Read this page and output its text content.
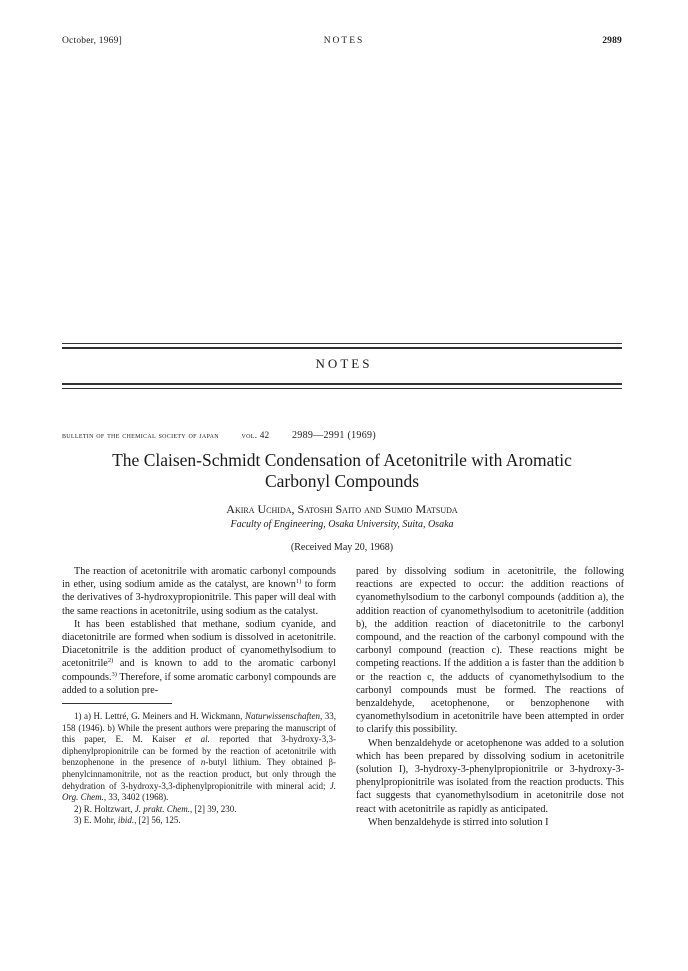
October, 1969]	NOTES	2989
NOTES
bulletin of the chemical society of japan	vol. 42 2989—2991 (1969)
The Claisen-Schmidt Condensation of Acetonitrile with Aromatic
Carbonyl Compounds
Akira Uchida, Satoshi Saito and Sumio Matsuda
Faculty of Engineering, Osaka University, Suita, Osaka
(Received May 20, 1968)

The reaction of acetonitrile with aromatic carbonyl compounds in ether, using sodium amide as the catalyst, are known$^{1)}$ to form the derivatives of 3-hydroxypropionitrile. This paper will deal with the same reactions in acetonitrile, using sodium as the catalyst.

It has been established that methane, sodium cyanide, and diacetonitrile are formed when sodium is dissolved in acetonitrile. Diacetonitrile is the addition product of cyanomethylsodium to acetonitrile$^{2)}$ and is known to add to the aromatic carbonyl compounds.$^{3)}$ Therefore, if some aromatic carbonyl compounds are added to a solution pre-

1) a) H. Lettré, G. Meiners and H. Wickmann, Naturwissenschaften, 33, 158 (1946). b) While the present authors were preparing the manuscript of this paper, E. M. Kaiser et al. reported that 3-hydroxy-3,3-diphenylpropionitrile can be formed by the reaction of acetonitrile with benzophenone in the presence of n-butyl lithium. They obtained β-phenylcinnamonitrile, not as the reaction product, but only through the dehydration of 3-hydroxy-3,3-diphenylpropionitrile with mineral acid; J. Org. Chem., 33, 3402 (1968).

2) R. Holtzwart, J. prakt. Chem., [2] 39, 230.

3) E. Mohr, ibid., [2] 56, 125.

pared by dissolving sodium in acetonitrile, the following reactions are expected to occur: the addition reactions of cyanomethylsodium to the carbonyl compounds (addition a), the addition reaction of cyanomethylsodium to acetonitrile (addition b), the addition reaction of diacetonitrile to the carbonyl compound, and the reaction of the carbonyl compound with the carbonyl compound (reaction c). These reactions might be competing reactions. If the addition a is faster than the addition b or the reaction c, the adducts of cyanomethylsodium to the carbonyl compounds must be formed. The reactions of benzaldehyde, acetophenone, or benzophenone with cyanomethylsodium in acetonitrile have been attempted in order to clarify this possibility.

When benzaldehyde or acetophenone was added to a solution which has been prepared by dissolving sodium in acetonitrile (solution I), 3-hydroxy-3-phenylpropionitrile or 3-hydroxy-3-phenylpropionitrile was isolated from the reaction products. This fact suggests that cyanomethylsodium in acetonitrile dose not react with acetonitrile as rapidly as anticipated.

When benzaldehyde is stirred into solution I
